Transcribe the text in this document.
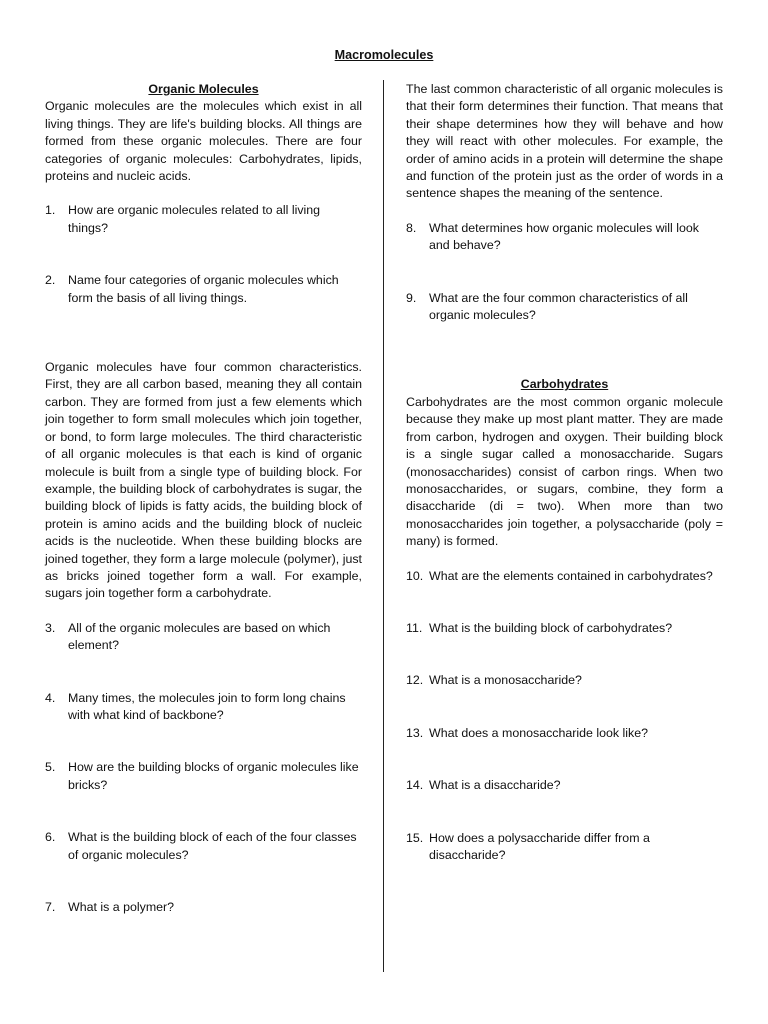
Macromolecules
Organic Molecules

Organic molecules are the molecules which exist in all living things. They are life's building blocks. All things are formed from these organic molecules. There are four categories of organic molecules: Carbohydrates, lipids, proteins and nucleic acids.

1. How are organic molecules related to all living things?
2. Name four categories of organic molecules which form the basis of all living things.

Organic molecules have four common characteristics. First, they are all carbon based, meaning they all contain carbon. They are formed from just a few elements which join together to form small molecules which join together, or bond, to form large molecules. The third characteristic of all organic molecules is that each is kind of organic molecule is built from a single type of building block. For example, the building block of carbohydrates is sugar, the building block of lipids is fatty acids, the building block of protein is amino acids and the building block of nucleic acids is the nucleotide. When these building blocks are joined together, they form a large molecule (polymer), just as bricks joined together form a wall. For example, sugars join together form a carbohydrate.

3. All of the organic molecules are based on which element?
4. Many times, the molecules join to form long chains with what kind of backbone?
5. How are the building blocks of organic molecules like bricks?
6. What is the building block of each of the four classes of organic molecules?
7. What is a polymer?

The last common characteristic of all organic molecules is that their form determines their function. That means that their shape determines how they will behave and how they will react with other molecules. For example, the order of amino acids in a protein will determine the shape and function of the protein just as the order of words in a sentence shapes the meaning of the sentence.

8. What determines how organic molecules will look and behave?
9. What are the four common characteristics of all organic molecules?
Carbohydrates

Carbohydrates are the most common organic molecule because they make up most plant matter. They are made from carbon, hydrogen and oxygen. Their building block is a single sugar called a monosaccharide. Sugars (monosaccharides) consist of carbon rings. When two monosaccharides, or sugars, combine, they form a disaccharide (di = two). When more than two monosaccharides join together, a polysaccharide (poly = many) is formed.

10. What are the elements contained in carbohydrates?
11. What is the building block of carbohydrates?
12. What is a monosaccharide?
13. What does a monosaccharide look like?
14. What is a disaccharide?
15. How does a polysaccharide differ from a disaccharide?
